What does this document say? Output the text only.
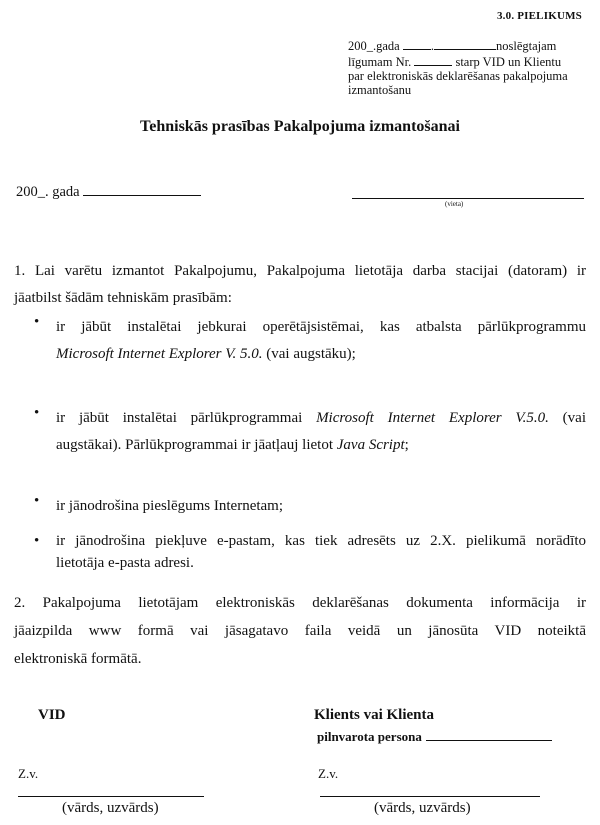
3.0. PIELIKUMS
200_.gada .	noslēgtajam
līgumam Nr.	starp VID un Klientu
par elektroniskās deklarēšanas pakalpojuma
izmantošanu
Tehniskās prasības Pakalpojuma izmantošanai
200_. gada
(vieta)
1. Lai varētu izmantot Pakalpojumu, Pakalpojuma lietotāja darba stacijai (datoram) ir
jāatbilst šādām tehniskām prasībām:
• ir jābūt instalētai jebkurai operētājsistēmai, kas atbalsta pārlūkprogrammu
Microsoft Internet Explorer V. 5.0. (vai augstāku);
• ir jābūt instalētai pārlūkprogrammai Microsoft Internet Explorer V.5.0. (vai
augstākai). Pārlūkprogrammai ir jāatļauj lietot Java Script;
• ir jānodrošina pieslēgums Internetam;
• ir jānodrošina piekļuve e-pastam, kas tiek adresēts uz 2.X. pielikumā norādīto
lietotāja e-pasta adresi.
2. Pakalpojuma lietotājam elektroniskās deklarēšanas dokumenta informācija ir
jāaizpilda www formā vai jāsagatavo faila veidā un jānosūta VID noteiktā
elektroniskā formātā.
VID	Klients vai Klienta
pilnvarota persona
Z.v.	Z.v.
(vārds, uzvārds)	(vārds, uzvārds)
